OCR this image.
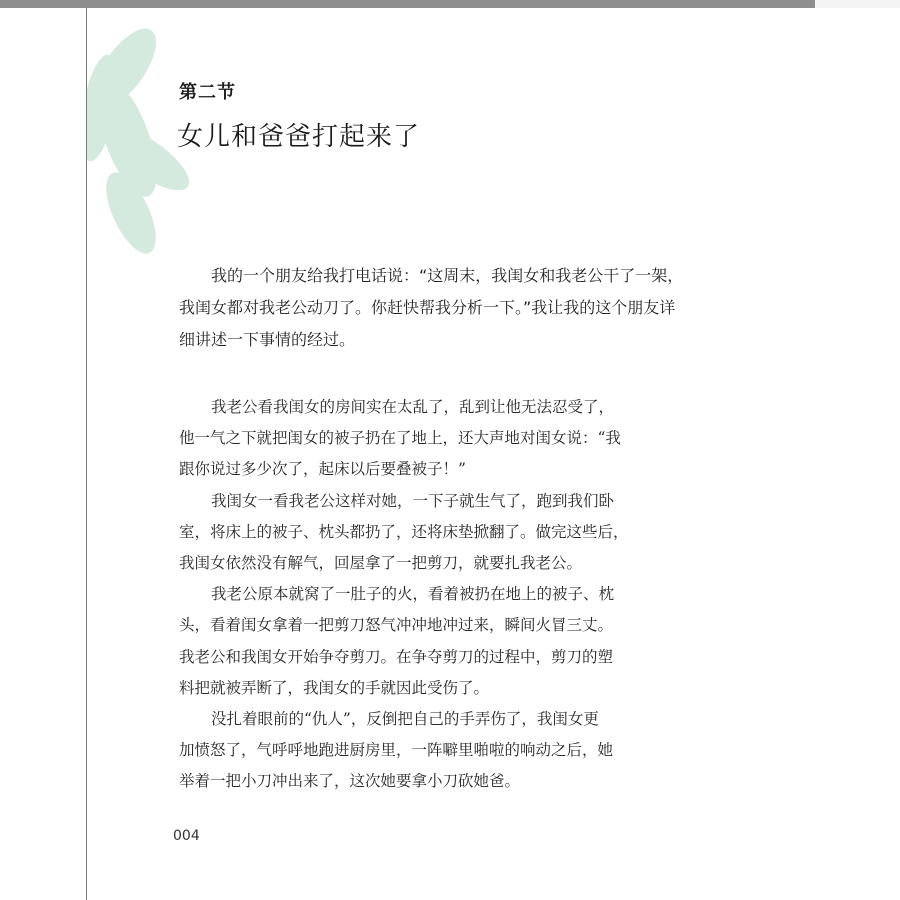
第二节
女儿和爸爸打起来了
我的一个朋友给我打电话说：“这周末，我闺女和我老公干了一架，
我闺女都对我老公动刀了。你赶快帮我分析一下。”我让我的这个朋友详
细讲述一下事情的经过。
我老公看我闺女的房间实在太乱了，乱到让他无法忍受了，
他一气之下就把闺女的被子扔在了地上，还大声地对闺女说：“我
跟你说过多少次了，起床以后要叠被子！”
我闺女一看我老公这样对她，一下子就生气了，跑到我们卧
室，将床上的被子、枕头都扔了，还将床垫掀翻了。做完这些后，
我闺女依然没有解气，回屋拿了一把剪刀，就要扎我老公。
我老公原本就窝了一肚子的火，看着被扔在地上的被子、枕
头，看着闺女拿着一把剪刀怒气冲冲地冲过来，瞬间火冒三丈。
我老公和我闺女开始争夺剪刀。在争夺剪刀的过程中，剪刀的塑
料把就被弄断了，我闺女的手就因此受伤了。
没扎着眼前的“仇人”，反倒把自己的手弄伤了，我闺女更
加愤怒了，气呼呼地跑进厨房里，一阵噼里啪啦的响动之后，她
举着一把小刀冲出来了，这次她要拿小刀砍她爸。
004
